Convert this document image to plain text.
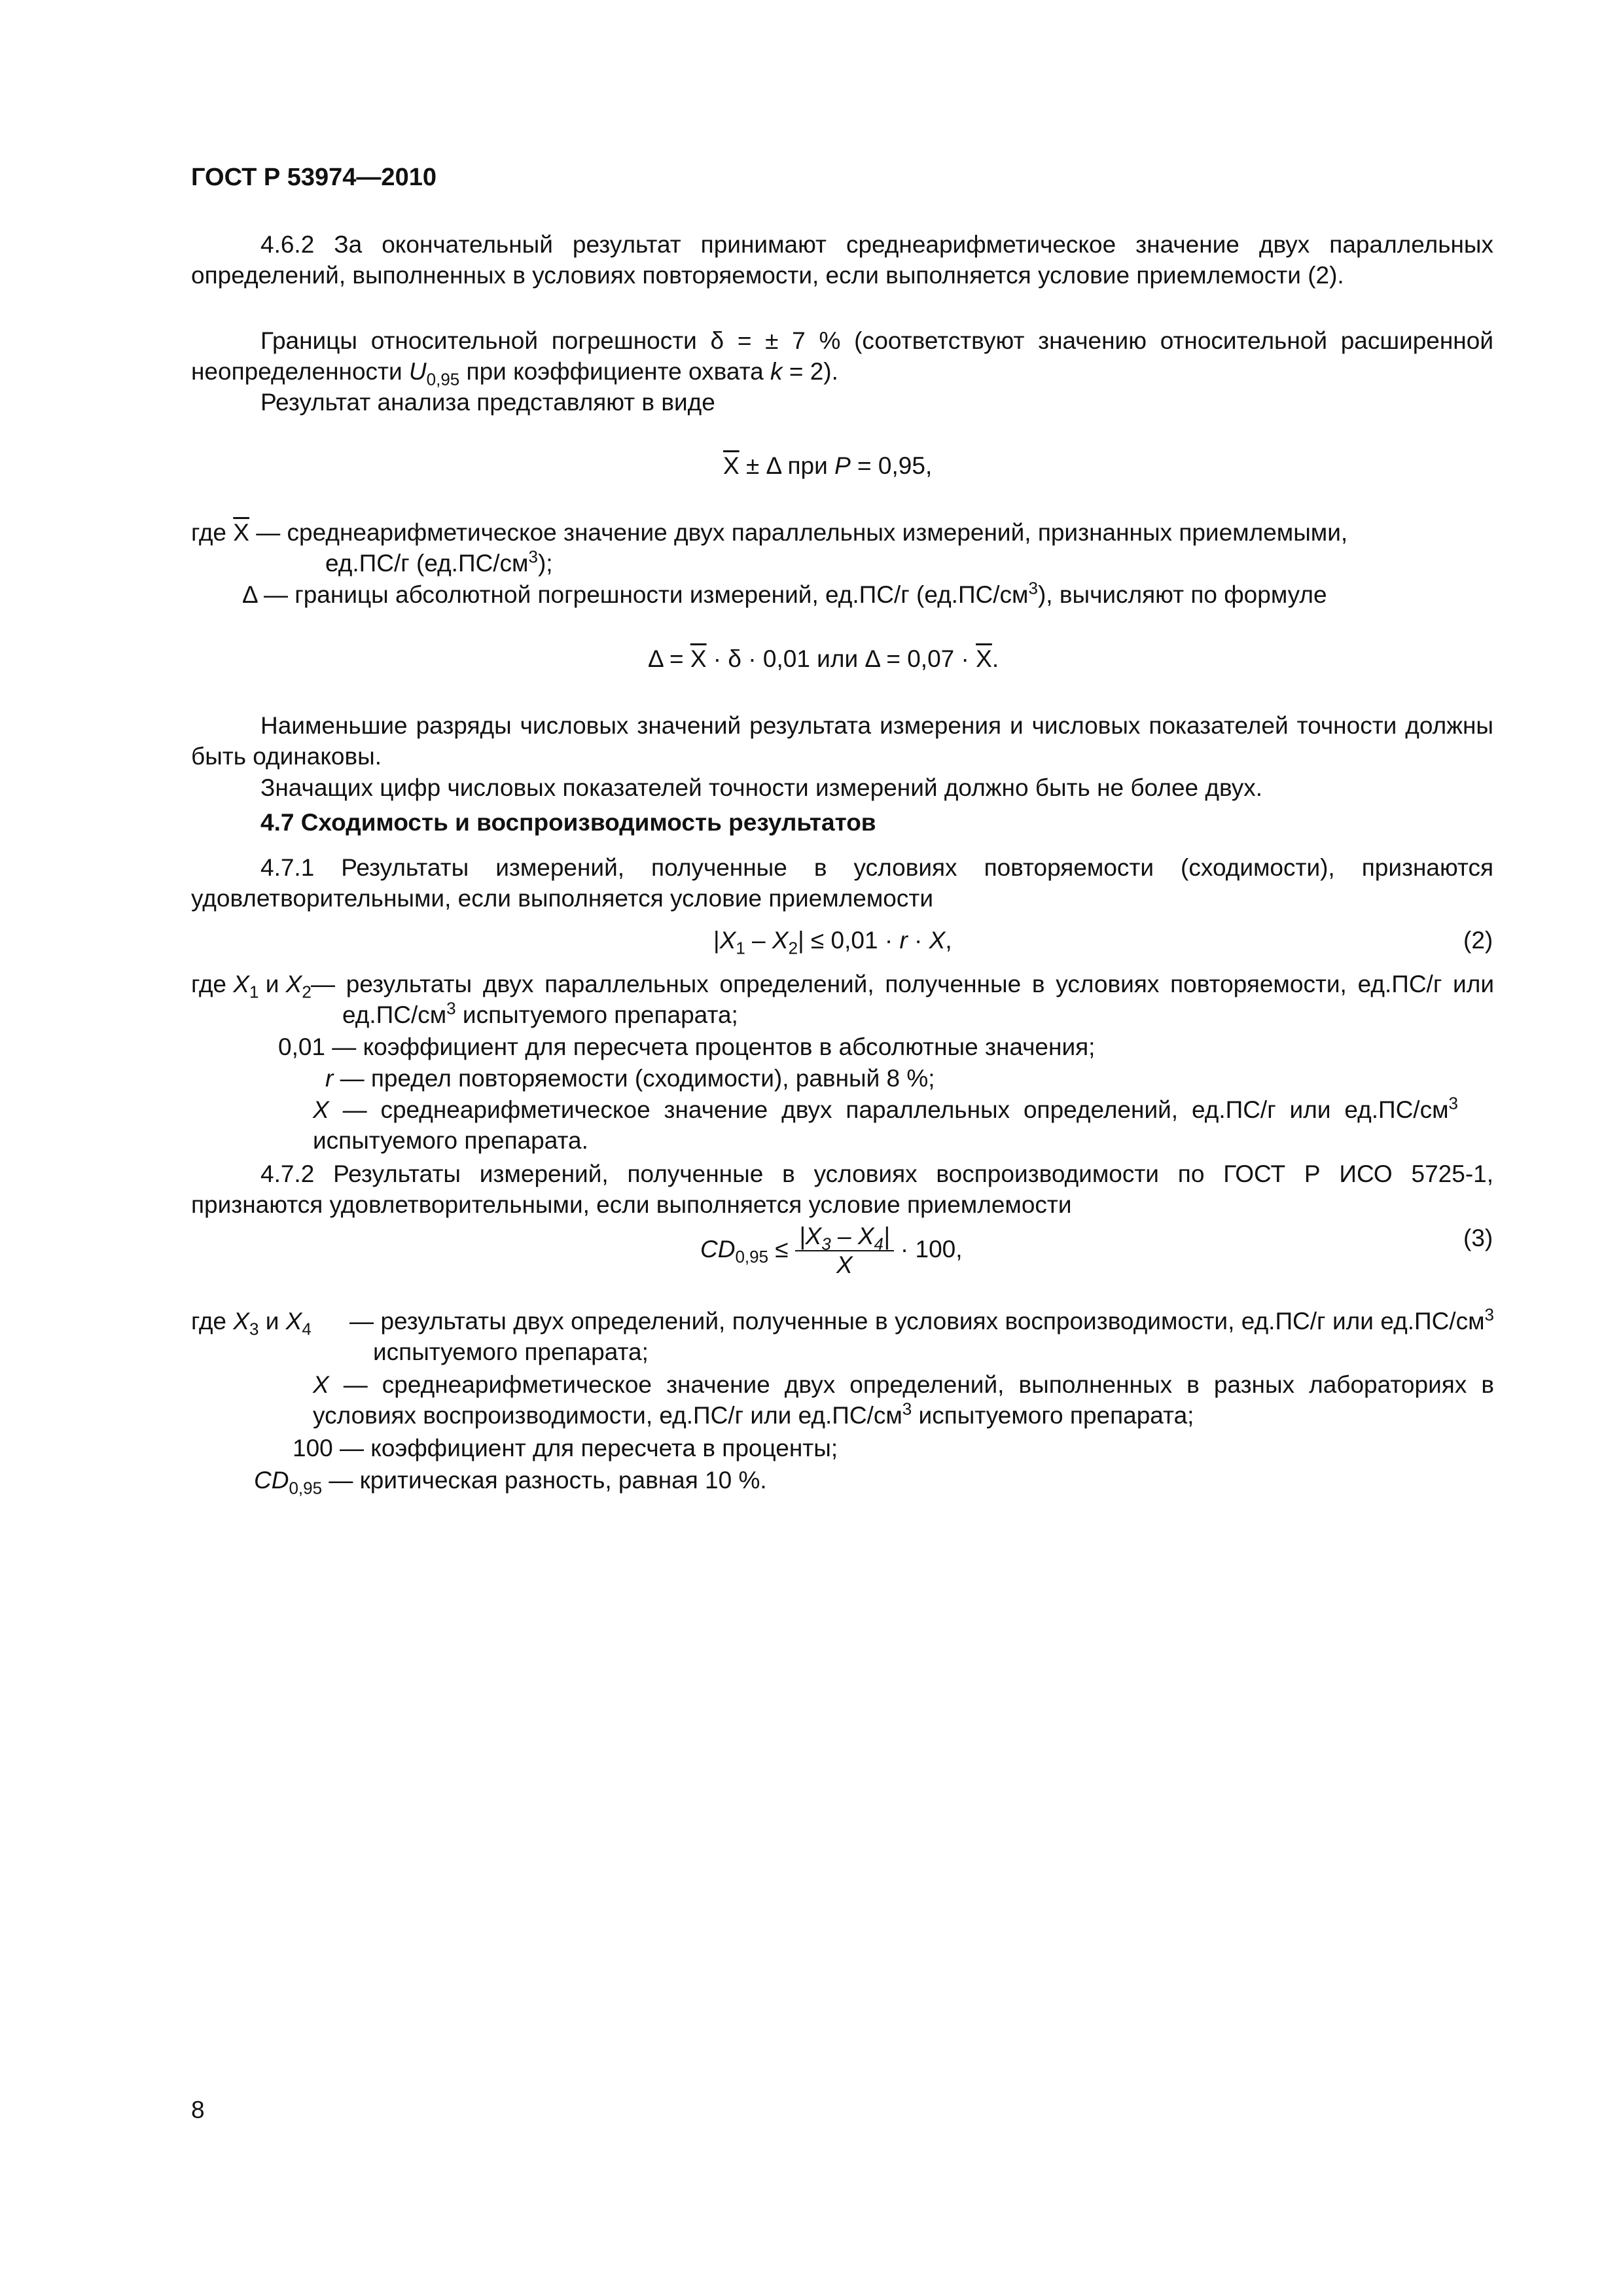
ГОСТ Р 53974—2010
4.6.2 За окончательный результат принимают среднеарифметическое значение двух параллельных определений, выполненных в условиях повторяемости, если выполняется условие приемлемости (2).
Границы относительной погрешности δ = ± 7 % (соответствуют значению относительной расширенной неопределенности $U_{0,95}$ при коэффициенте охвата k = 2).
Результат анализа представляют в виде
$\overline{X} \pm \Delta$ при P = 0,95,
где $\overline{X}$ — среднеарифметическое значение двух параллельных измерений, признанных приемлемыми,
ед.ПС/г $(ед.ПС/см^3)$;
Δ — границы абсолютной погрешности измерений, ед.ПС/г $(ед.ПС/см^3)$, вычисляют по формуле
$\Delta = \overline{X} \cdot \delta \cdot 0,01$ или $\Delta = 0,07 \cdot \overline{X}$.
Наименьшие разряды числовых значений результата измерения и числовых показателей точности должны быть одинаковы.
Значащих цифр числовых показателей точности измерений должно быть не более двух.
4.7 Сходимость и воспроизводимость результатов
4.7.1 Результаты измерений, полученные в условиях повторяемости (сходимости), признаются удовлетворительными, если выполняется условие приемлемости
$|X_1 - X_2| \le 0,01 \cdot r \cdot X$,	(2)
где $X_1$ и $X_2$ — результаты двух параллельных определений, полученные в условиях повторяемости, ед.ПС/г или $ед.ПС/см^3$ испытуемого препарата;
0,01 — коэффициент для пересчета процентов в абсолютные значения;
r — предел повторяемости (сходимости), равный 8 %;
X — среднеарифметическое значение двух параллельных определений, ед.ПС/г или $ед.ПС/см^3$ испытуемого препарата.
4.7.2 Результаты измерений, полученные в условиях воспроизводимости по ГОСТ Р ИСО 5725-1, признаются удовлетворительными, если выполняется условие приемлемости
$CD_{0,95} \le \frac{|X_3 - X_4|}{X} \cdot 100$,	(3)
где $X_3$ и $X_4$ — результаты двух определений, полученные в условиях воспроизводимости, ед.ПС/г или $ед.ПС/см^3$ испытуемого препарата;
X — среднеарифметическое значение двух определений, выполненных в разных лабораториях в условиях воспроизводимости, ед.ПС/г или $ед.ПС/см^3$ испытуемого препарата;
100 — коэффициент для пересчета в проценты;
$CD_{0,95}$ — критическая разность, равная 10 %.
8
